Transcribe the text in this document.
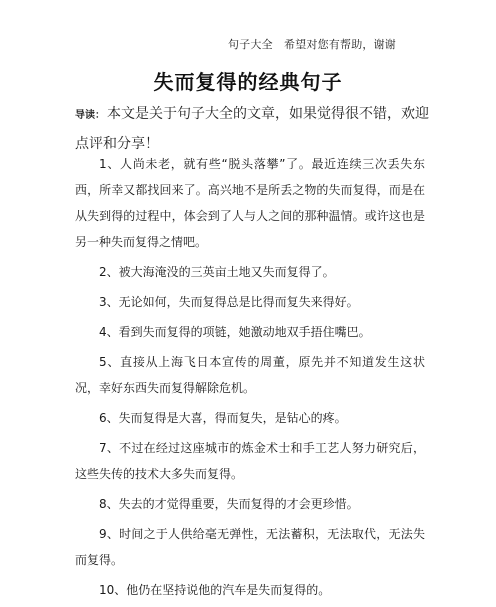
句子大全　希望对您有帮助，谢谢
失而复得的经典句子
导读： 本文是关于句子大全的文章，如果觉得很不错，欢迎点评和分享！

1、人尚未老，就有些“脱头落攀”了。最近连续三次丢失东西，所幸又都找回来了。高兴地不是所丢之物的失而复得，而是在从失到得的过程中，体会到了人与人之间的那种温情。或许这也是另一种失而复得之情吧。

2、被大海淹没的三英亩土地又失而复得了。

3、无论如何，失而复得总是比得而复失来得好。

4、看到失而复得的项链，她激动地双手捂住嘴巴。

5、直接从上海飞日本宣传的周董，原先并不知道发生这状况，幸好东西失而复得解除危机。

6、失而复得是大喜，得而复失，是钻心的疼。

7、不过在经过这座城市的炼金术士和手工艺人努力研究后，这些失传的技术大多失而复得。

8、失去的才觉得重要，失而复得的才会更珍惜。

9、时间之于人供给毫无弹性，无法蓄积，无法取代，无法失而复得。

10、他仍在坚持说他的汽车是失而复得的。
